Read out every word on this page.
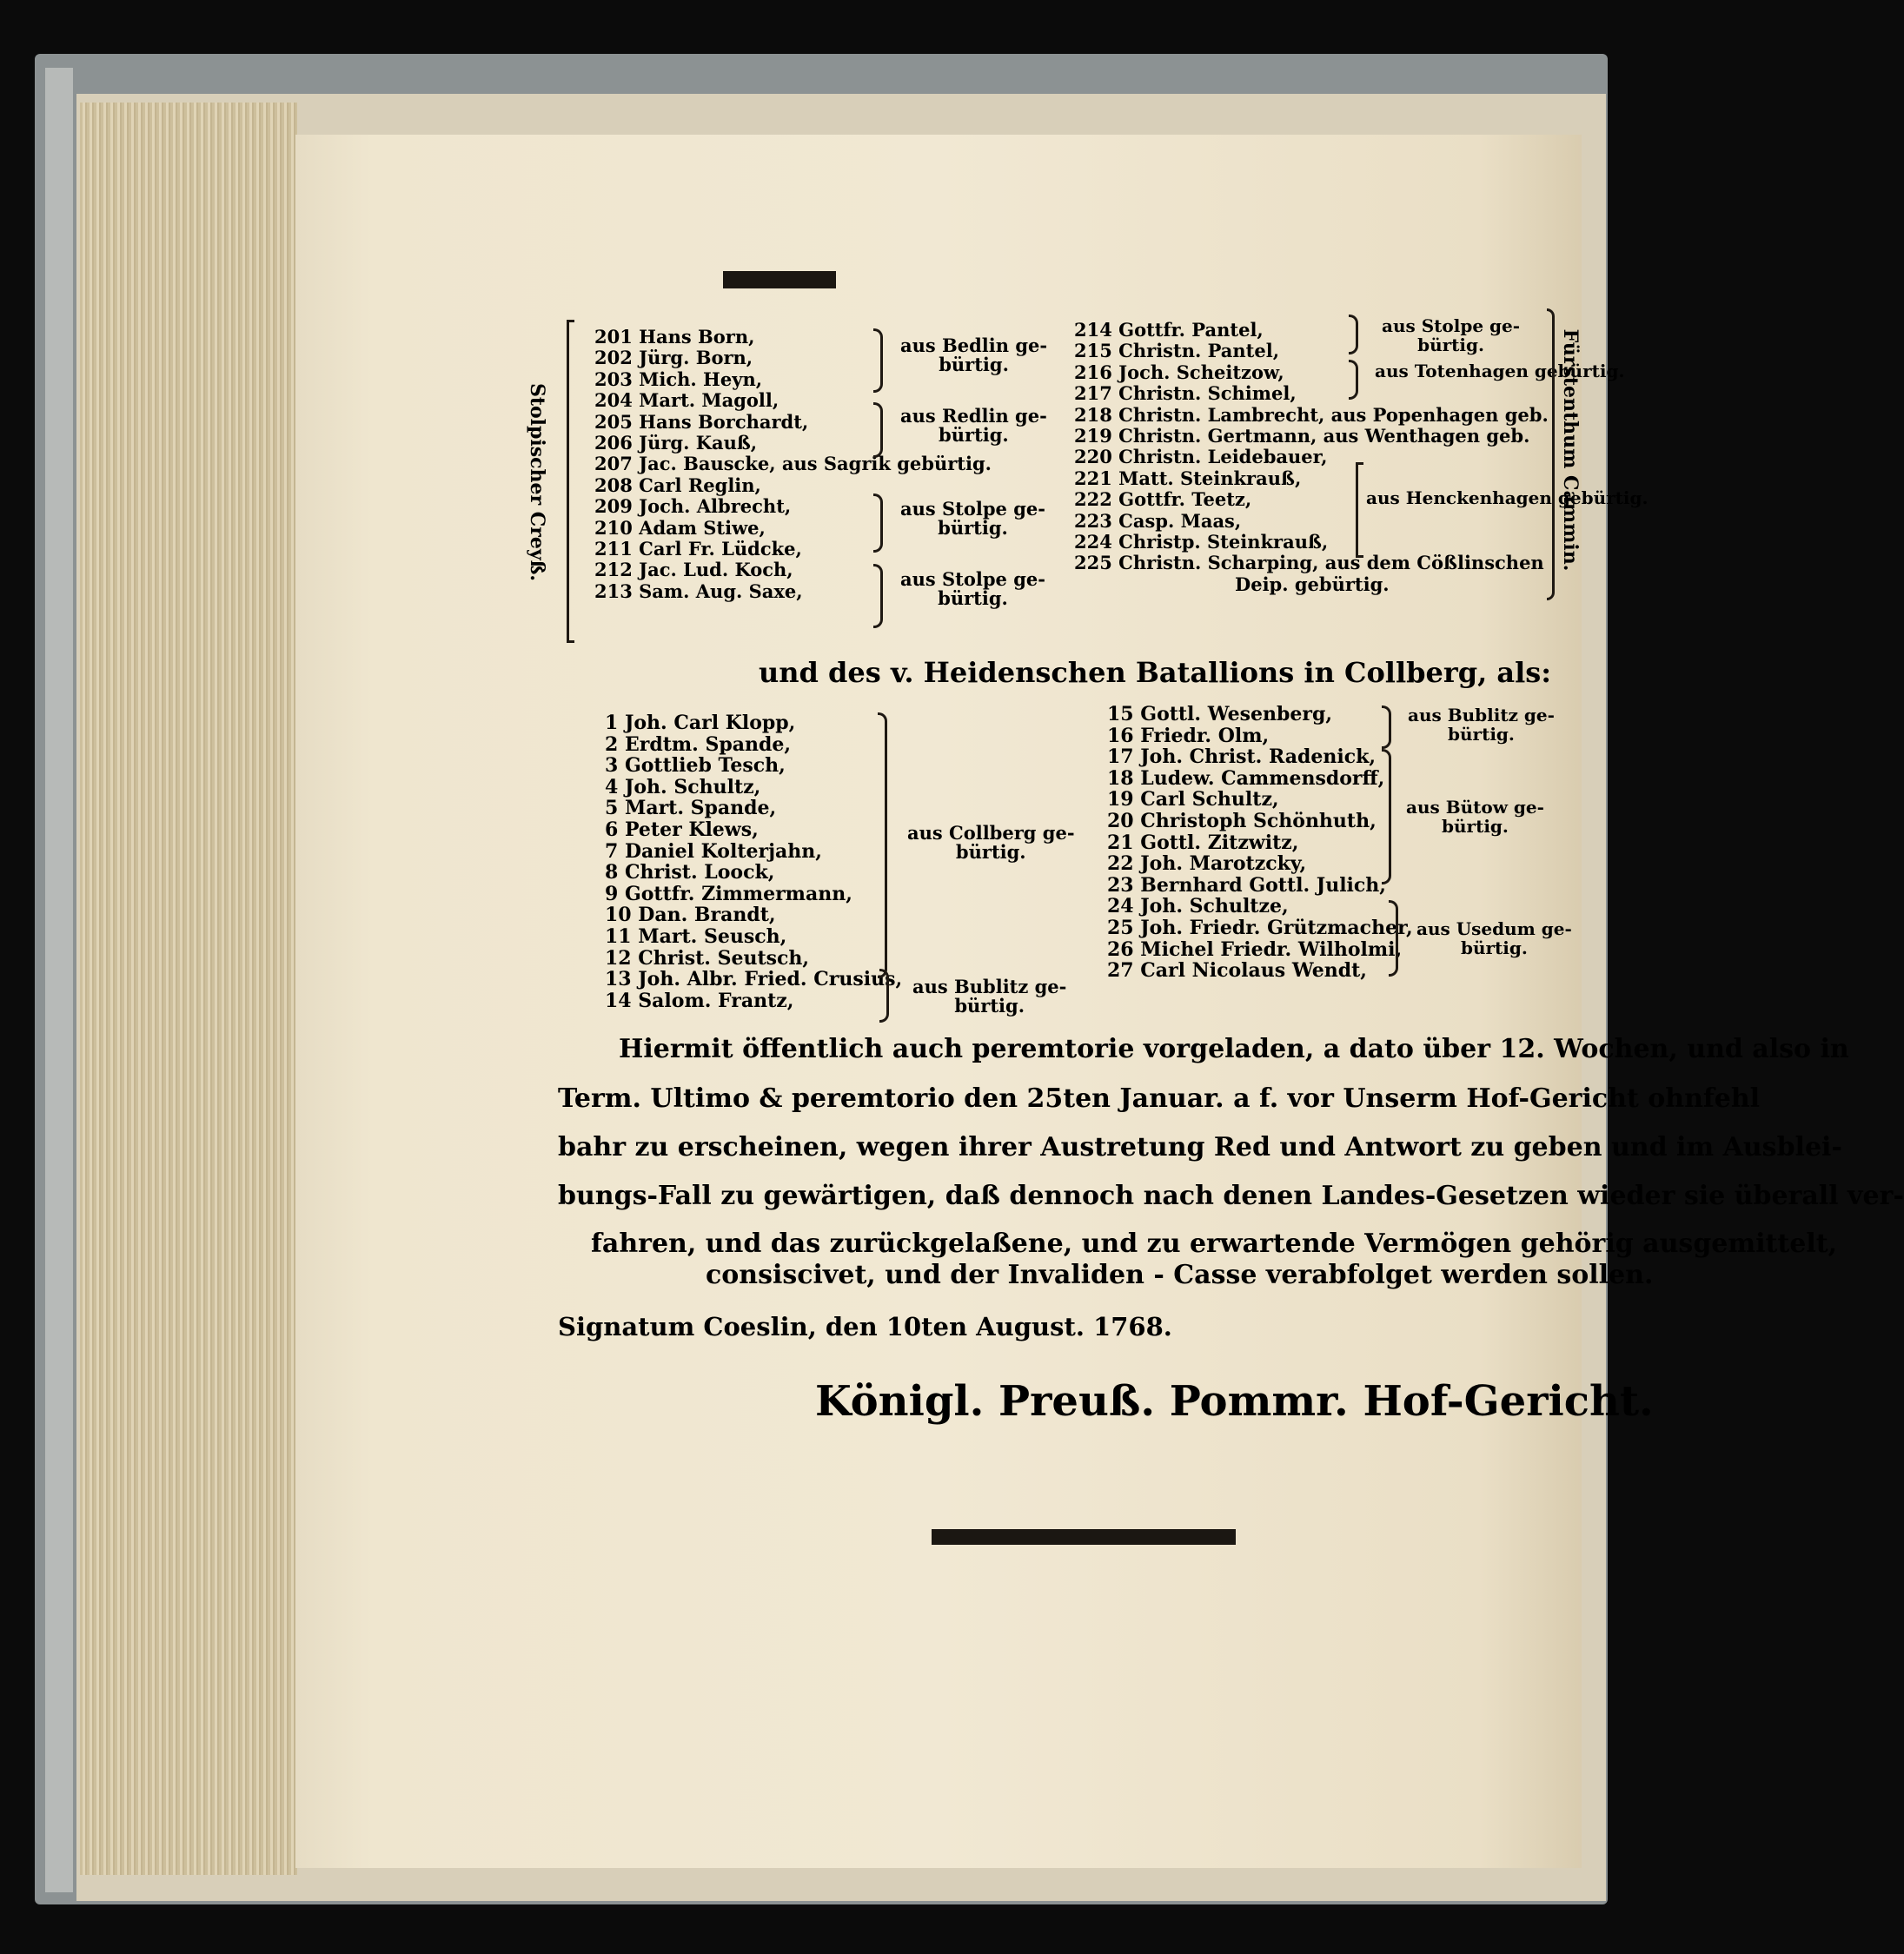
Stolpischer Creyß.
201 Hans Born,
202 Jürg. Born,
203 Mich. Heyn,
204 Mart. Magoll,
205 Hans Borchardt,
206 Jürg. Kauß,
207 Jac. Bauscke, aus Sagrik gebürtig.
208 Carl Reglin,
209 Joch. Albrecht,
210 Adam Stiwe,
211 Carl Fr. Lüdcke,
212 Jac. Lud. Koch,
213 Sam. Aug. Saxe,
aus Bedlin ge-
bürtig.
aus Redlin ge-
bürtig.
aus Stolpe ge-
bürtig.
aus Stolpe ge-
bürtig.
214 Gottfr. Pantel,
215 Christn. Pantel,
216 Joch. Scheitzow,
217 Christn. Schimel,
218 Christn. Lambrecht, aus Popenhagen geb.
219 Christn. Gertmann, aus Wenthagen geb.
220 Christn. Leidebauer,
221 Matt. Steinkrauß,
222 Gottfr. Teetz,
223 Casp. Maas,
224 Christp. Steinkrauß,
225 Christn. Scharping, aus dem Cößlinschen
Deip. gebürtig.
aus Stolpe ge-
bürtig.
aus Totenhagen gebürtig.
aus Henckenhagen gebürtig.
Fürstenthum Cammin.
und des v. Heidenschen Batallions in Collberg, als:
1 Joh. Carl Klopp,
2 Erdtm. Spande,
3 Gottlieb Tesch,
4 Joh. Schultz,
5 Mart. Spande,
6 Peter Klews,
7 Daniel Kolterjahn,
8 Christ. Loock,
9 Gottfr. Zimmermann,
10 Dan. Brandt,
11 Mart. Seusch,
12 Christ. Seutsch,
13 Joh. Albr. Fried. Crusius,
14 Salom. Frantz,
aus Collberg ge-
bürtig.
aus Bublitz ge-
bürtig.
15 Gottl. Wesenberg,
16 Friedr. Olm,
17 Joh. Christ. Radenick,
18 Ludew. Cammensdorff,
19 Carl Schultz,
20 Christoph Schönhuth,
21 Gottl. Zitzwitz,
22 Joh. Marotzcky,
23 Bernhard Gottl. Julich,
24 Joh. Schultze,
25 Joh. Friedr. Grützmacher,
26 Michel Friedr. Wilholmi,
27 Carl Nicolaus Wendt,
aus Bublitz ge-
bürtig.
aus Bütow ge-
bürtig.
aus Usedum ge-
bürtig.
Hiermit öffentlich auch peremtorie vorgeladen, a dato über 12. Wochen, und also in
Term. Ultimo & peremtorio den 25ten Januar. a f. vor Unserm Hof-Gericht ohnfehl
bahr zu erscheinen, wegen ihrer Austretung Red und Antwort zu geben und im Ausblei-
bungs-Fall zu gewärtigen, daß dennoch nach denen Landes-Gesetzen wieder sie überall ver-
fahren, und das zurückgelaßene, und zu erwartende Vermögen gehörig ausgemittelt,
consiscivet, und der Invaliden - Casse verabfolget werden sollen.
Signatum Coeslin, den 10ten August. 1768.
Königl. Preuß. Pommr. Hof-Gericht.
